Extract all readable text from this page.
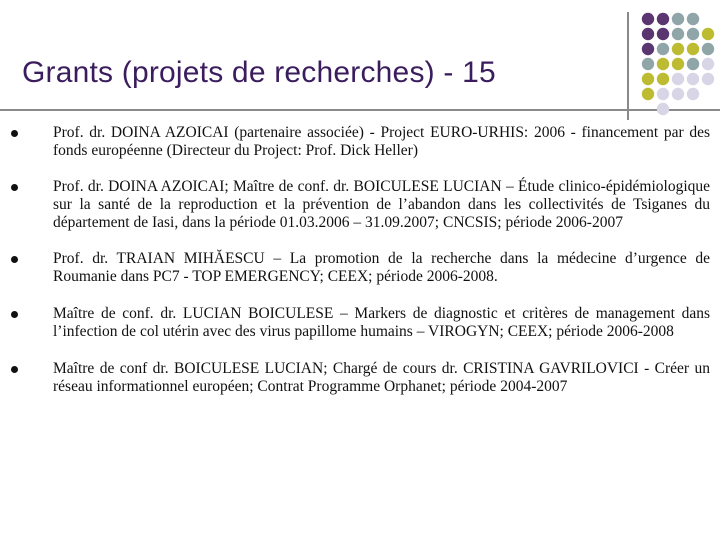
Grants (projets de recherches) - 15
Prof. dr. DOINA AZOICAI (partenaire associée) - Project EURO-URHIS: 2006 - financement par des fonds européenne (Directeur du Project: Prof. Dick Heller)
Prof. dr. DOINA AZOICAI; Maître de conf. dr. BOICULESE LUCIAN – Étude clinico-épidémiologique sur la santé de la reproduction et la prévention de l’abandon dans les collectivités de Tsiganes du département de Iasi, dans la période 01.03.2006 – 31.09.2007; CNCSIS; période 2006-2007
Prof. dr. TRAIAN MIHĂESCU – La promotion de la recherche dans la médecine d’urgence de Roumanie dans PC7 - TOP EMERGENCY; CEEX; période 2006-2008.
Maître de conf. dr. LUCIAN BOICULESE – Markers de diagnostic et critères de management dans l’infection de col utérin avec des virus papillome humains – VIROGYN; CEEX; période 2006-2008
Maître de conf dr. BOICULESE LUCIAN; Chargé de cours dr. CRISTINA GAVRILOVICI - Créer un réseau informationnel européen; Contrat Programme Orphanet; période 2004-2007
